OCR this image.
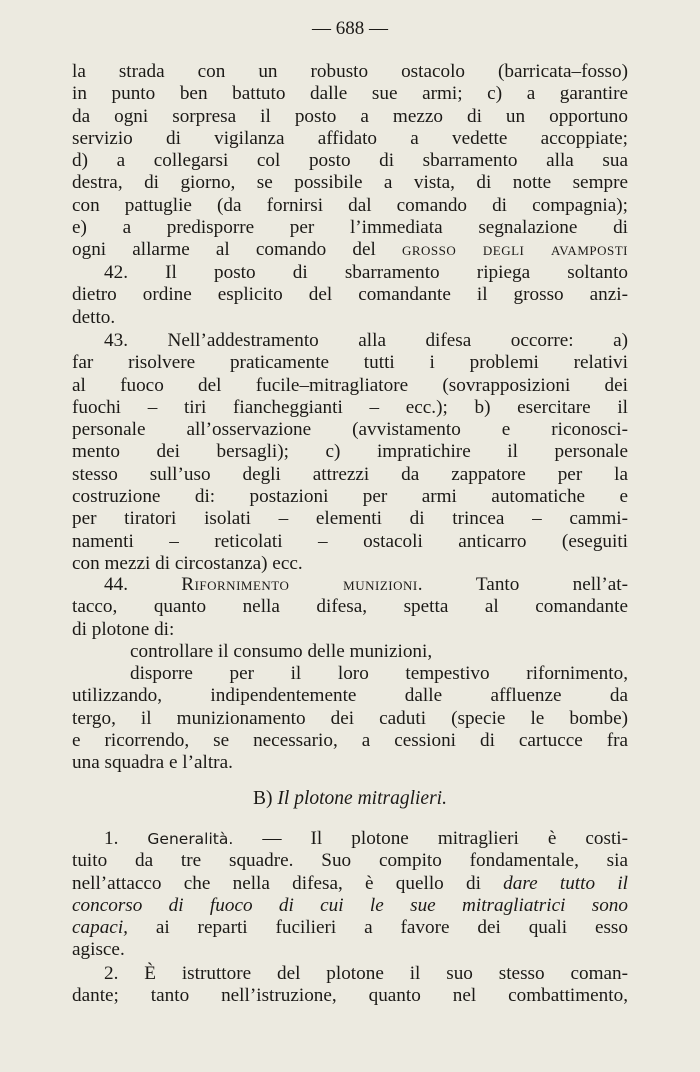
— 688 —
la strada con un robusto ostacolo (barricata–fosso)
in punto ben battuto dalle sue armi; c) a garantire
da ogni sorpresa il posto a mezzo di un opportuno
servizio di vigilanza affidato a vedette accoppiate;
d) a collegarsi col posto di sbarramento alla sua
destra, di giorno, se possibile a vista, di notte sempre
con pattuglie (da fornirsi dal comando di compagnia);
e) a predisporre per l’immediata segnalazione di
ogni allarme al comando del grosso degli avamposti
42. Il posto di sbarramento ripiega soltanto
dietro ordine esplicito del comandante il grosso anzi-
detto.
43. Nell’addestramento alla difesa occorre: a)
far risolvere praticamente tutti i problemi relativi
al fuoco del fucile–mitragliatore (sovrapposizioni dei
fuochi – tiri fiancheggianti – ecc.); b) esercitare il
personale all’osservazione (avvistamento e riconosci-
mento dei bersagli); c) impratichire il personale
stesso sull’uso degli attrezzi da zappatore per la
costruzione di: postazioni per armi automatiche e
per tiratori isolati – elementi di trincea – cammi-
namenti – reticolati – ostacoli anticarro (eseguiti
con mezzi di circostanza) ecc.
44. Rifornimento munizioni. Tanto nell’at-
tacco, quanto nella difesa, spetta al comandante
di plotone di:
controllare il consumo delle munizioni,
disporre per il loro tempestivo rifornimento,
utilizzando, indipendentemente dalle affluenze da
tergo, il munizionamento dei caduti (specie le bombe)
e ricorrendo, se necessario, a cessioni di cartucce fra
una squadra e l’altra.
B) Il plotone mitraglieri.
1. Generalità. — Il plotone mitraglieri è costi-
tuito da tre squadre. Suo compito fondamentale, sia
nell’attacco che nella difesa, è quello di dare tutto il
concorso di fuoco di cui le sue mitragliatrici sono
capaci, ai reparti fucilieri a favore dei quali esso
agisce.
2. È istruttore del plotone il suo stesso coman-
dante; tanto nell’istruzione, quanto nel combattimento,
